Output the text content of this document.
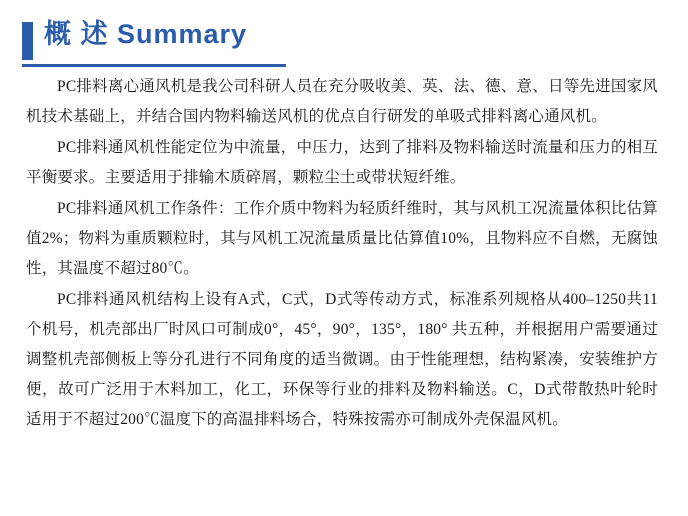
概 述 Summary

PC排料离心通风机是我公司科研人员在充分吸收美、英、法、德、意、日等先进国家风机技术基础上，并结合国内物料输送风机的优点自行研发的单吸式排料离心通风机。

PC排料通风机性能定位为中流量，中压力，达到了排料及物料输送时流量和压力的相互平衡要求。主要适用于排输木质碎屑，颗粒尘土或带状短纤维。

PC排料通风机工作条件：工作介质中物料为轻质纤维时，其与风机工况流量体积比估算值2%；物料为重质颗粒时，其与风机工况流量质量比估算值10%，且物料应不自燃，无腐蚀性，其温度不超过80℃。

PC排料通风机结构上设有A式，C式，D式等传动方式，标准系列规格从400–1250共11个机号，机壳部出厂时风口可制成0°，45°，90°，135°，180° 共五种，并根据用户需要通过调整机壳部侧板上等分孔进行不同角度的适当微调。由于性能理想，结构紧凑，安装维护方便，故可广泛用于木料加工，化工，环保等行业的排料及物料输送。C，D式带散热叶轮时适用于不超过200℃温度下的高温排料场合，特殊按需亦可制成外壳保温风机。
